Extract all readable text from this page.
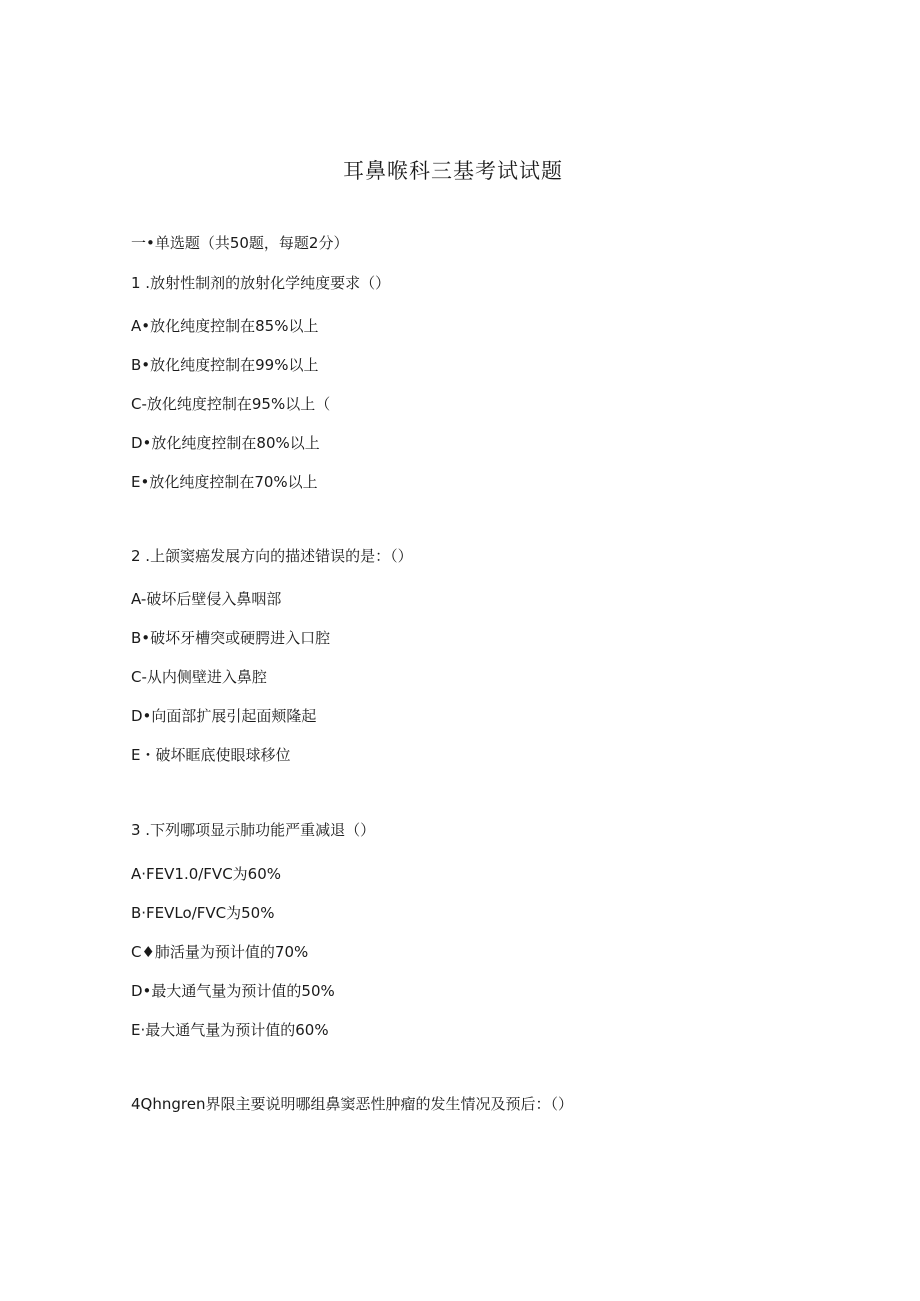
耳鼻喉科三基考试试题
一•单选题（共50题，每题2分）
1 .放射性制剂的放射化学纯度要求（）
A•放化纯度控制在85%以上
B•放化纯度控制在99%以上
C-放化纯度控制在95%以上（
D•放化纯度控制在80%以上
E•放化纯度控制在70%以上
2 .上颌窦癌发展方向的描述错误的是：（）
A-破坏后壁侵入鼻咽部
B•破坏牙槽突或硬腭进入口腔
C-从内侧壁进入鼻腔
D•向面部扩展引起面颊隆起
E・破坏眶底使眼球移位
3 .下列哪项显示肺功能严重减退（）
A·FEV1.0/FVC为60%
B·FEVLo/FVC为50%
C♦肺活量为预计值的70%
D•最大通气量为预计值的50%
E·最大通气量为预计值的60%
4Qhngren界限主要说明哪组鼻窦恶性肿瘤的发生情况及预后：（）
